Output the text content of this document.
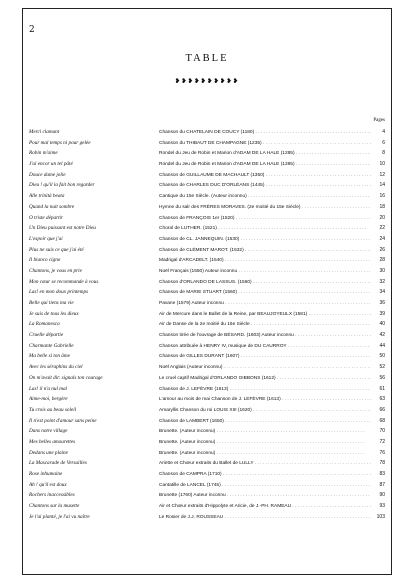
2
TABLE
❥❥❥❥❥❥❥❥❥❥
Pages
Merci clamant	Chanson du CHATELAIN DE COUCY (1180) . . .	4
Pour mal temps ni pour gelée	Chanson du THIBAUT DE CHAMPAGNE (1235) . . .	6
Robin m'aime	Rondel du Jeu de Robin et Marion d'ADAM DE LA HALE (1285) . . .	8
J'ai encor un tel pâté	Rondel du Jeu de Robin et Marion d'ADAM DE LA HALE (1285) . . .	10
Douce dame jolie	Chanson de GUILLAUME DE MACHAULT (1350) . . .	12
Dieu ! qu'il la fait bon regarder	Chanson de CHARLES DUC D'ORLÉANS (1445) . . .	14
Alle trinità beata	Cantique du 15e Siècle. (Auteur inconnu) . . .	16
Quand la nuit sombre	Hymne du salr des FRÈRES MORAVES. (2e moitié du 15e Siècle) . . .	18
O triste départir	Chanson de FRANÇOIS 1er (1520) . . .	20
Un Dieu puissant est notre Dieu	Choral de LUTHER. (1521) . . .	22
L'espoir que j'ai	Chanson de CL. JANNEQUIN. (1530) . . .	24
Plus ne suis ce que j'ai été	Chanson de CLÉMENT MAROT. (1532) . . .	26
Il bianco cigno	Madrigal d'ARCADELT. (1540) . . .	28
Chantons, je vous en prie	Noël Français (1550) Auteur inconnu . . .	30
Mon cœur se recommande à vous	Chanson d'ORLANDO DE LASSUS. (1560) . . .	32
Las! en mon doux printemps	Chanson de MARIE STUART (1560) . . .	34
Belle qui tiens ma vie	Pavane (1579) Auteur inconnu . . .	36
Je suis de tous les dieux	Air de Mercure dans le Ballet de la Reine, par BEAUJOYEULX (1581) . . .	39
La Romanesca	Air de Danse de la 2e moitié du 16e Siècle . . .	40
Cruelle départie	Chanson tirée de l'ouvrage de BÉSARD. (1603) Auteur inconnu . . .	42
Charmante Gabrielle	Chanson attribuée à HENRY IV, musique de DU CAURROY . . .	44
Ma belle si ton âme	Chanson de GILLES DURANT (1607) . . .	50
Avec les séraphins du ciel	Noël Anglais (Auteur inconnu) . . .	52
On m'avait dit: signals ton courage	Le cruel captif Madrigal d'ORLANDO GIBBONS (1612) . . .	56
Las! il n'a nul mal	Chanson de J. LEFÈVRE (1613) . . .	61
Aime-moi, bergère	L'amour au mois de mai Chanson de J. LEFÈVRE (1613) . . .	63
Tu crois au beau soleil	Amaryllis Chanson du roi LOUIS XIII (1620) . . .	66
Il n'est point d'amour sans peine	Chanson de LAMBERT (1650) . . .	68
Dans notre village	Brunette. (Auteur inconnu) . . .	70
Mes belles amourettes	Brunette. (Auteur inconnu) . . .	72
Dedans une plaine	Brunette. (Auteur inconnu) . . .	76
La Mascarade de Versailles	Ariette et Chœur extraits du Ballet de LULLY . . .	78
Rose inhumaine	Chanson de CAMPRA (1710) . . .	83
Ah ! qu'il est doux	Cantatille de LANCEL (1745) . . .	87
Rochers inaccessibles	Brunette (1760) Auteur inconnu . . .	90
Chantons sur la musette	Air et Chœur extraits d'Hippolyte et Aricie, de J.-PH. RAMEAU . . .	93
Je l'ai planté, je l'ai vu naître	Le Rosier de J.J. ROUSSEAU . . .	103
